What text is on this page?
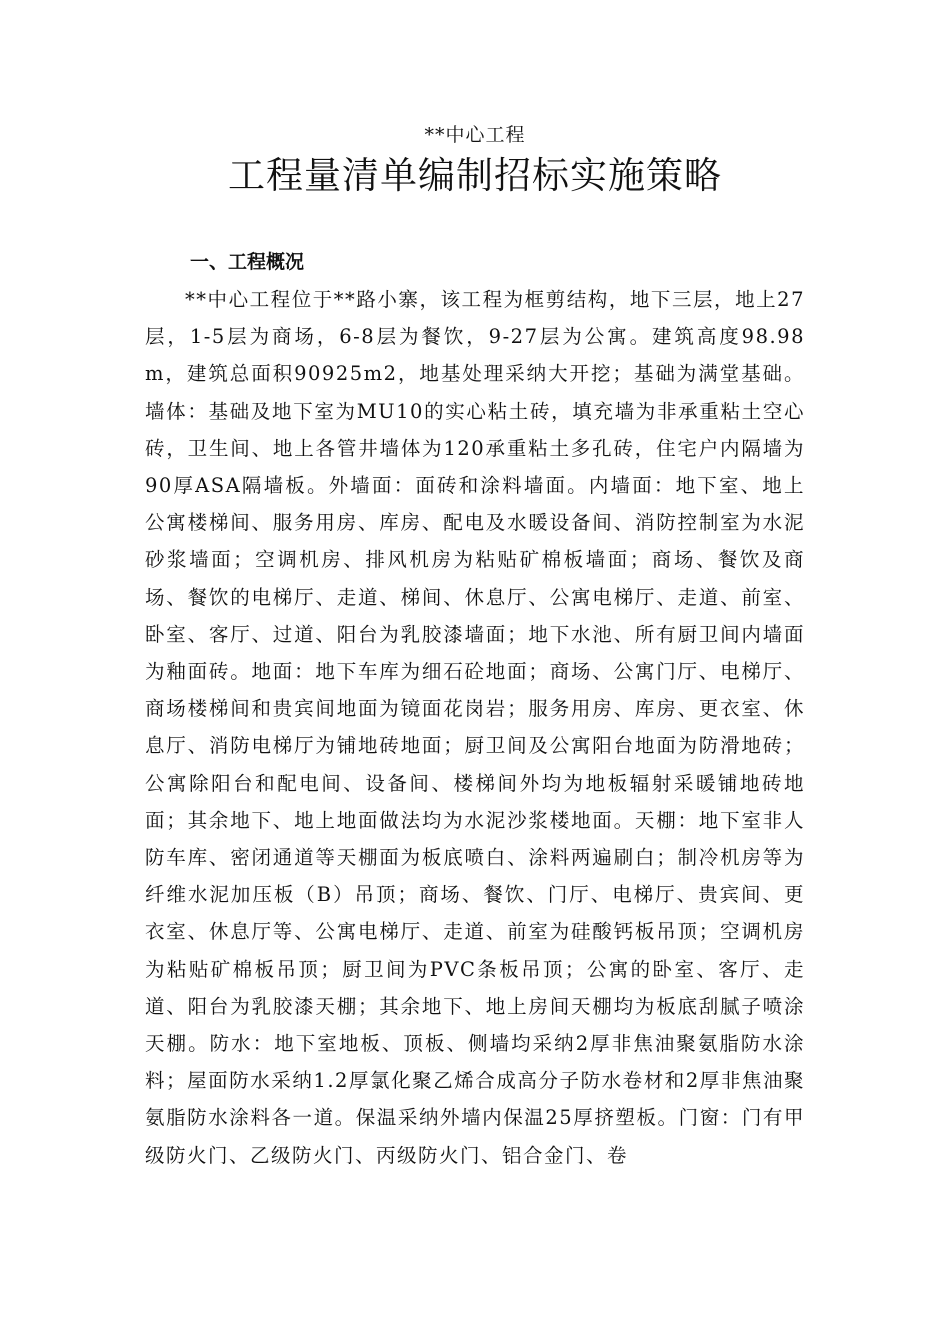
**中心工程
工程量清单编制招标实施策略
一、工程概况

**中心工程位于**路小寨，该工程为框剪结构，地下三层，地上27层，1-5层为商场，6-8层为餐饮，9-27层为公寓。建筑高度98.98m，建筑总面积90925m2，地基处理采纳大开挖；基础为满堂基础。墙体：基础及地下室为MU10的实心粘土砖，填充墙为非承重粘土空心砖，卫生间、地上各管井墙体为120承重粘土多孔砖，住宅户内隔墙为90厚ASA隔墙板。外墙面：面砖和涂料墙面。内墙面：地下室、地上公寓楼梯间、服务用房、库房、配电及水暖设备间、消防控制室为水泥砂浆墙面；空调机房、排风机房为粘贴矿棉板墙面；商场、餐饮及商场、餐饮的电梯厅、走道、梯间、休息厅、公寓电梯厅、走道、前室、卧室、客厅、过道、阳台为乳胶漆墙面；地下水池、所有厨卫间内墙面为釉面砖。地面：地下车库为细石砼地面；商场、公寓门厅、电梯厅、商场楼梯间和贵宾间地面为镜面花岗岩；服务用房、库房、更衣室、休息厅、消防电梯厅为铺地砖地面；厨卫间及公寓阳台地面为防滑地砖；公寓除阳台和配电间、设备间、楼梯间外均为地板辐射采暖铺地砖地面；其余地下、地上地面做法均为水泥沙浆楼地面。天棚：地下室非人防车库、密闭通道等天棚面为板底喷白、涂料两遍刷白；制冷机房等为纤维水泥加压板（B）吊顶；商场、餐饮、门厅、电梯厅、贵宾间、更衣室、休息厅等、公寓电梯厅、走道、前室为硅酸钙板吊顶；空调机房为粘贴矿棉板吊顶；厨卫间为PVC条板吊顶；公寓的卧室、客厅、走道、阳台为乳胶漆天棚；其余地下、地上房间天棚均为板底刮腻子喷涂天棚。防水：地下室地板、顶板、侧墙均采纳2厚非焦油聚氨脂防水涂料；屋面防水采纳1.2厚氯化聚乙烯合成高分子防水卷材和2厚非焦油聚氨脂防水涂料各一道。保温采纳外墙内保温25厚挤塑板。门窗：门有甲级防火门、乙级防火门、丙级防火门、铝合金门、卷
